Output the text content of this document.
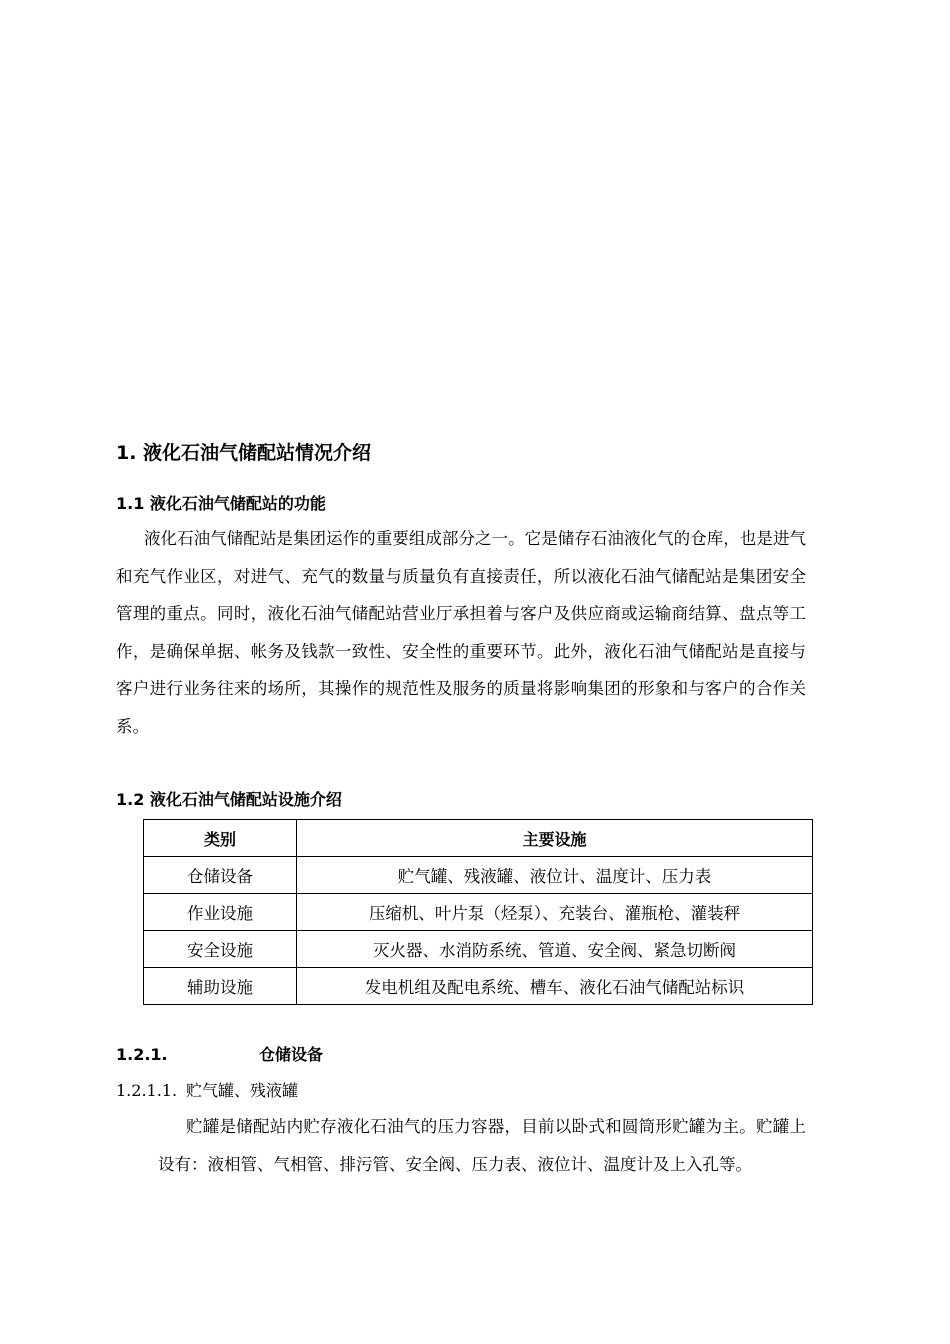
1. 液化石油气储配站情况介绍
1.1 液化石油气储配站的功能

液化石油气储配站是集团运作的重要组成部分之一。它是储存石油液化气的仓库，也是进气和充气作业区，对进气、充气的数量与质量负有直接责任，所以液化石油气储配站是集团安全管理的重点。同时，液化石油气储配站营业厅承担着与客户及供应商或运输商结算、盘点等工作，是确保单据、帐务及钱款一致性、安全性的重要环节。此外，液化石油气储配站是直接与客户进行业务往来的场所，其操作的规范性及服务的质量将影响集团的形象和与客户的合作关系。

1.2 液化石油气储配站设施介绍
类别	主要设施
仓储设备	贮气罐、残液罐、液位计、温度计、压力表
作业设施	压缩机、叶片泵（烃泵）、充装台、灌瓶枪、灌装秤
安全设施	灭火器、水消防系统、管道、安全阀、紧急切断阀
辅助设施	发电机组及配电系统、槽车、液化石油气储配站标识
1.2.1.	仓储设备
1.2.1.1. 贮气罐、残液罐

贮罐是储配站内贮存液化石油气的压力容器，目前以卧式和圆筒形贮罐为主。贮罐上设有：液相管、气相管、排污管、安全阀、压力表、液位计、温度计及上入孔等。
